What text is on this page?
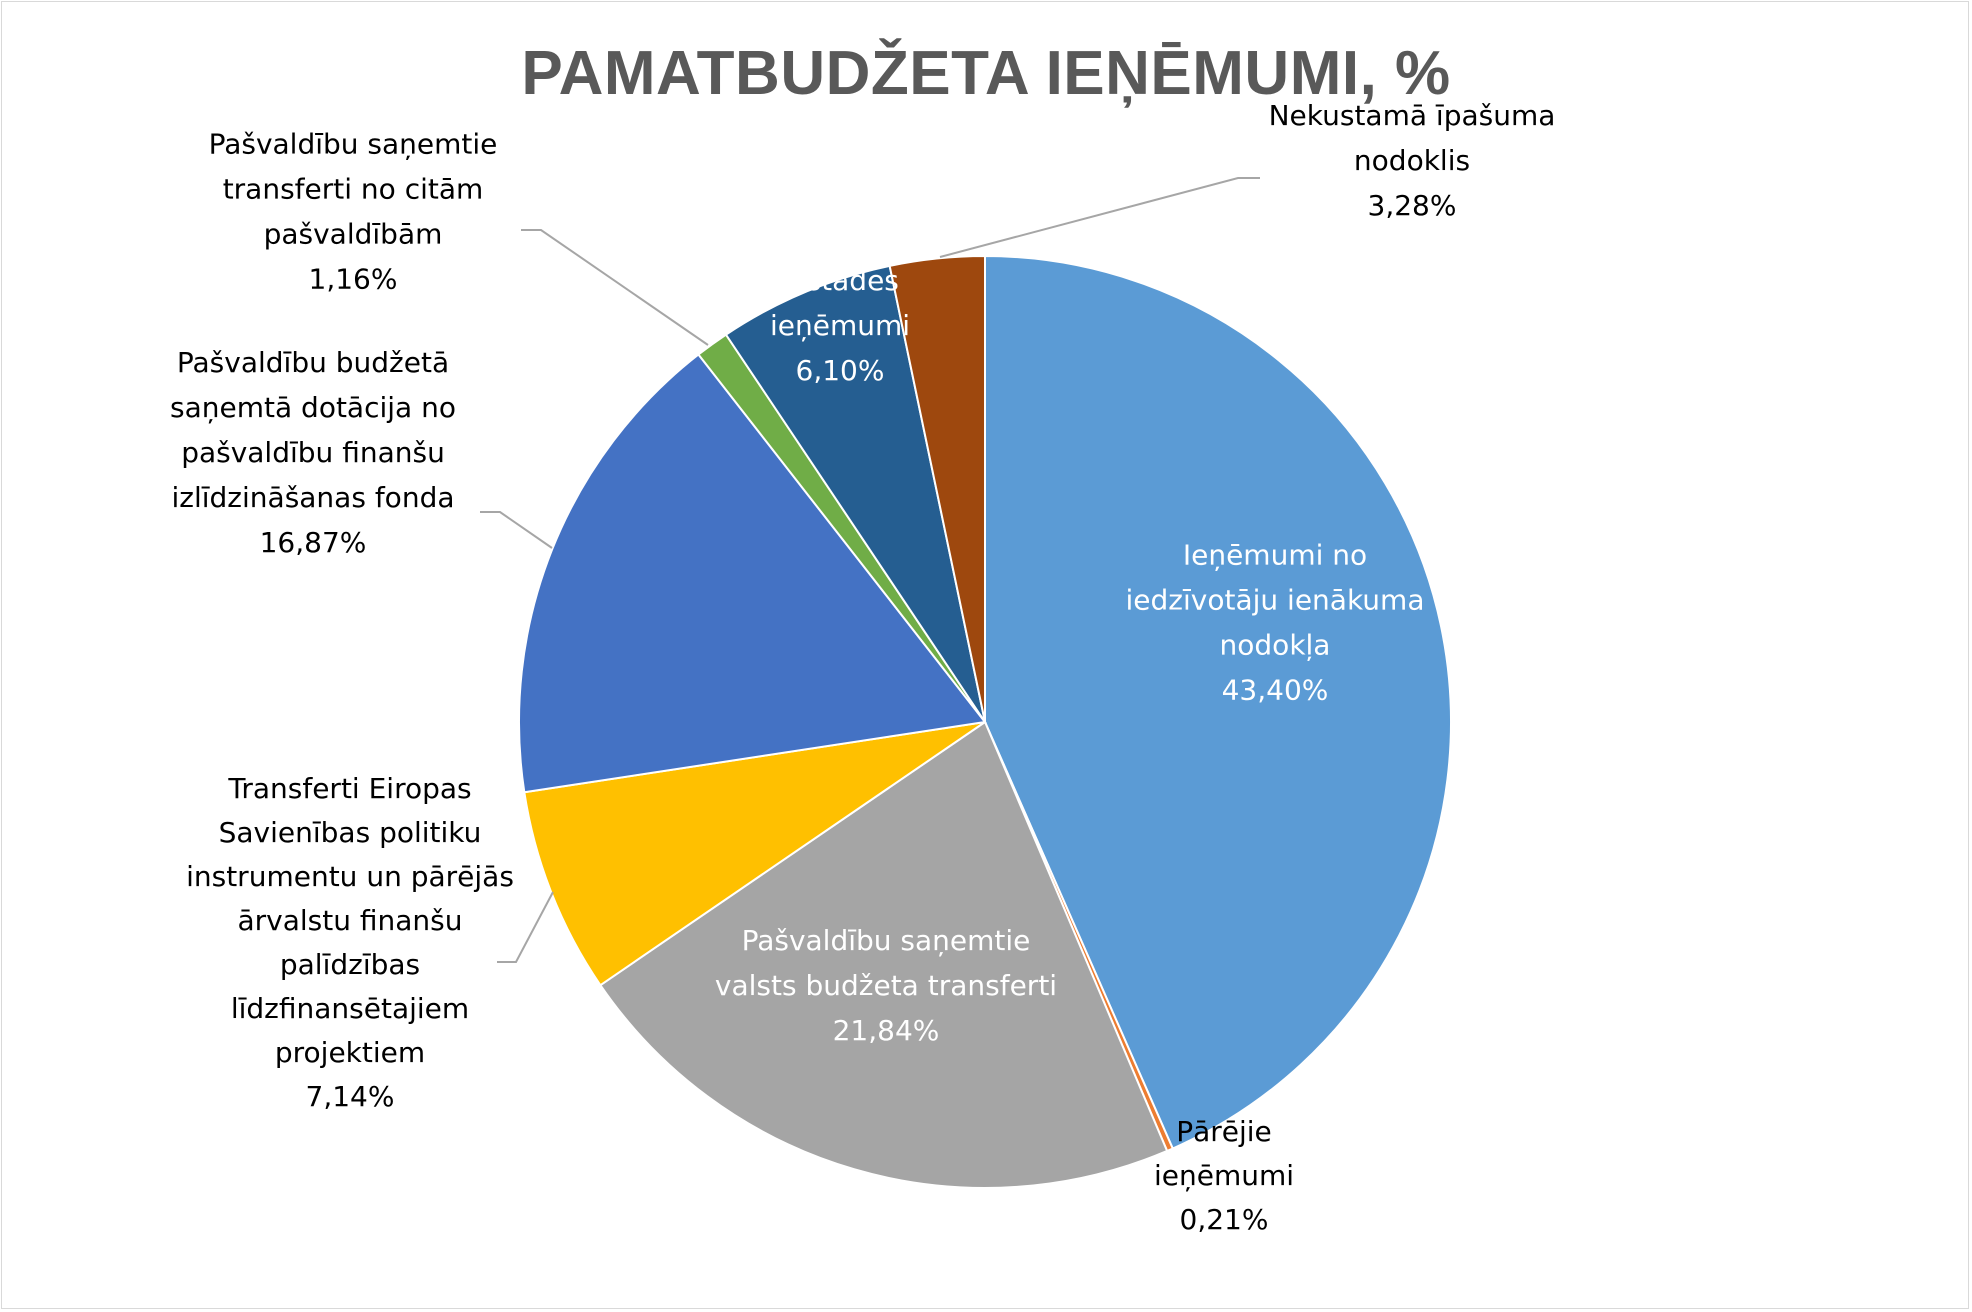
PAMATBUDŽETA IEŅĒMUMI, %
Ieņēmumi no iedzīvotāju ienākuma nodokļa 43,40%
Pārējie ieņēmumi 0,21%
Pašvaldību saņemtie valsts budžeta transferti 21,84%
Transferti Eiropas Savienības politiku instrumentu un pārējās ārvalstu finanšu palīdzības līdzfinansētajiem projektiem 7,14%
Pašvaldību budžetā saņemtā dotācija no pašvaldību finanšu izlīdzināšanas fonda 16,87%
Pašvaldību saņemtie transferti no citām pašvaldībām 1,16%	Iestādes ieņēmumi 6,10%
Nekustamā īpašuma nodoklis 3,28%
